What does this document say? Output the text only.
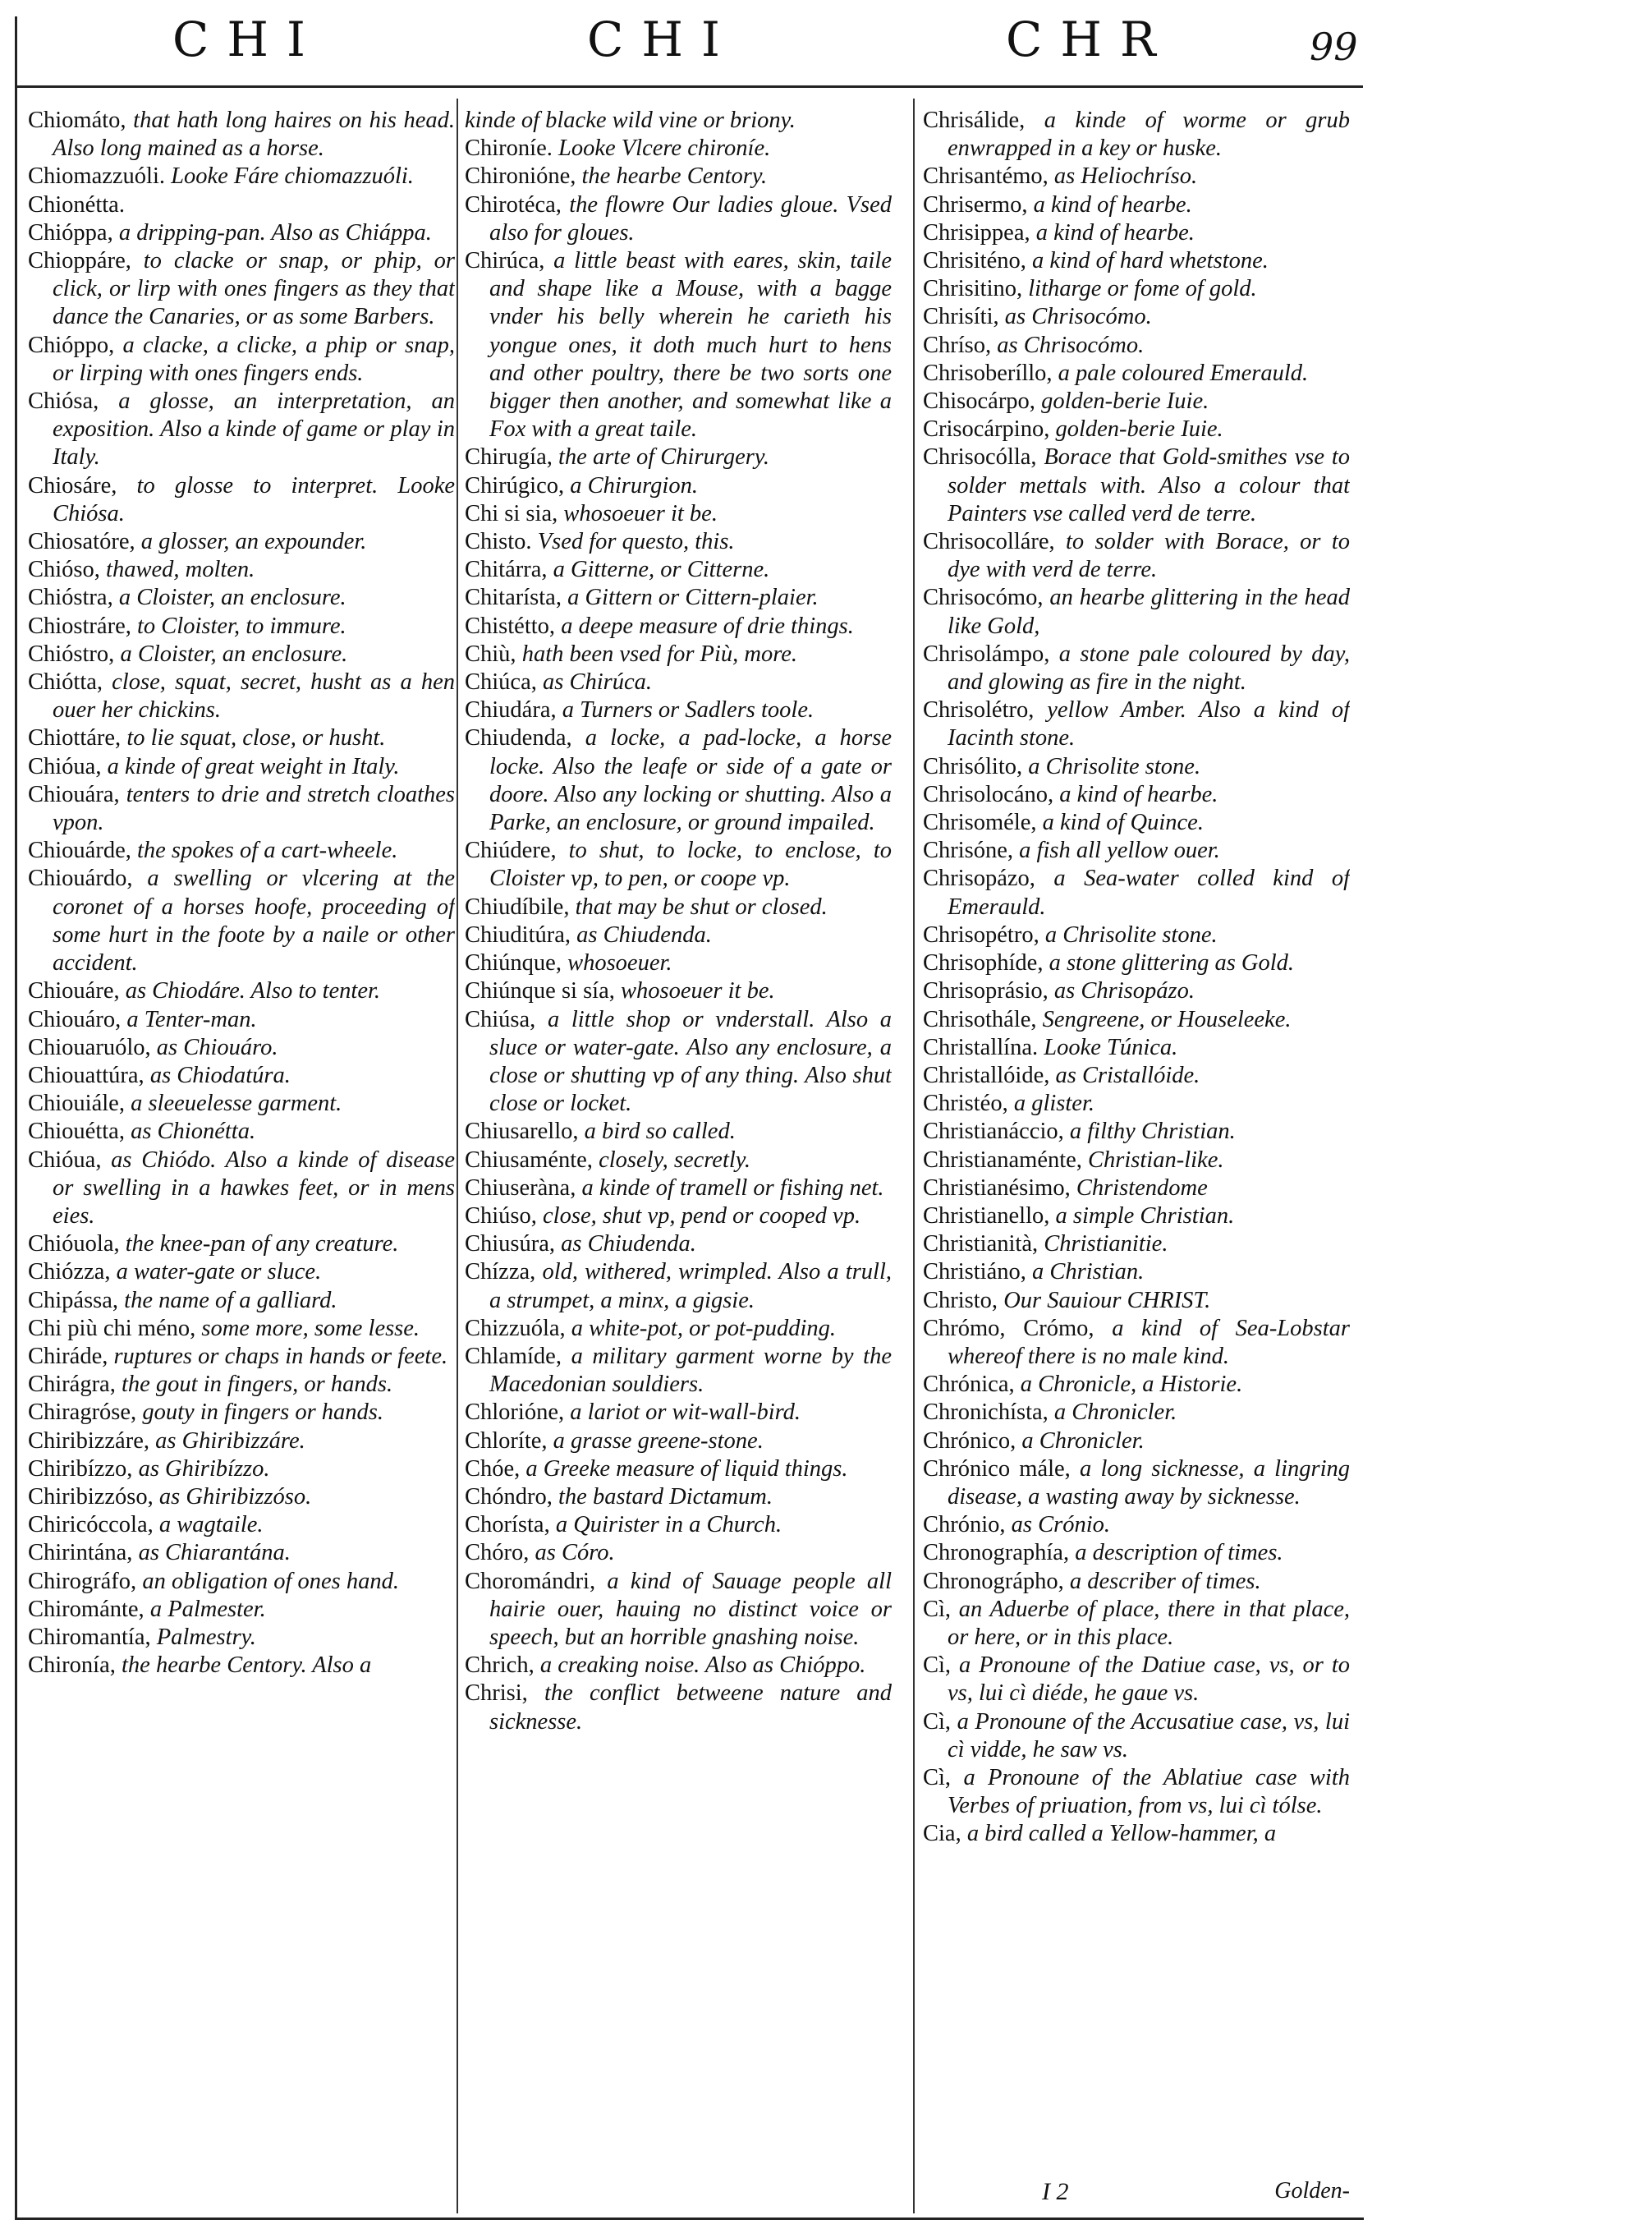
CHI	CHI	CHR	99

Chiomáto, that hath long haires on his head. Also long mained as a horse.

Chiomazzuóli. Looke Fáre chiomazzuóli.

Chionétta.

Chióppa, a dripping-pan. Also as Chiáppa.

Chioppáre, to clacke or snap, or phip, or click, or lirp with ones fingers as they that dance the Canaries, or as some Barbers.

Chióppo, a clacke, a clicke, a phip or snap, or lirping with ones fingers ends.

Chiósa, a glosse, an interpretation, an exposition. Also a kinde of game or play in Italy.

Chiosáre, to glosse to interpret. Looke Chiósa.

Chiosatóre, a glosser, an expounder.

Chióso, thawed, molten.

Chióstra, a Cloister, an enclosure.

Chiostráre, to Cloister, to immure.

Chióstro, a Cloister, an enclosure.

Chiótta, close, squat, secret, husht as a hen ouer her chickins.

Chiottáre, to lie squat, close, or husht.

Chióua, a kinde of great weight in Italy.

Chiouára, tenters to drie and stretch cloathes vpon.

Chiouárde, the spokes of a cart-wheele.

Chiouárdo, a swelling or vlcering at the coronet of a horses hoofe, proceeding of some hurt in the foote by a naile or other accident.

Chiouáre, as Chiodáre. Also to tenter.

Chiouáro, a Tenter-man.

Chiouaruólo, as Chiouáro.

Chiouattúra, as Chiodatúra.

Chiouiále, a sleeuelesse garment.

Chiouétta, as Chionétta.

Chióua, as Chiódo. Also a kinde of disease or swelling in a hawkes feet, or in mens eies.

Chióuola, the knee-pan of any creature.

Chiózza, a water-gate or sluce.

Chipássa, the name of a galliard.

Chi più chi méno, some more, some lesse.

Chiráde, ruptures or chaps in hands or feete.

Chirágra, the gout in fingers, or hands.

Chiragróse, gouty in fingers or hands.

Chiribizzáre, as Ghiribizzáre.

Chiribízzo, as Ghiribízzo.

Chiribizzóso, as Ghiribizzóso.

Chiricóccola, a wagtaile.

Chirintána, as Chiarantána.

Chirográfo, an obligation of ones hand.

Chirománte, a Palmester.

Chiromantía, Palmestry.

Chironía, the hearbe Centory. Also a

kinde of blacke wild vine or briony.

Chironíe. Looke Vlcere chironíe.

Chironióne, the hearbe Centory.

Chirotéca, the flowre Our ladies gloue. Vsed also for gloues.

Chirúca, a little beast with eares, skin, taile and shape like a Mouse, with a bagge vnder his belly wherein he carieth his yongue ones, it doth much hurt to hens and other poultry, there be two sorts one bigger then another, and somewhat like a Fox with a great taile.

Chirugía, the arte of Chirurgery.

Chirúgico, a Chirurgion.

Chi si sia, whosoeuer it be.

Chisto. Vsed for questo, this.

Chitárra, a Gitterne, or Citterne.

Chitarísta, a Gittern or Cittern-plaier.

Chistétto, a deepe measure of drie things.

Chiù, hath been vsed for Più, more.

Chiúca, as Chirúca.

Chiudára, a Turners or Sadlers toole.

Chiudenda, a locke, a pad-locke, a horse locke. Also the leafe or side of a gate or doore. Also any locking or shutting. Also a Parke, an enclosure, or ground impailed.

Chiúdere, to shut, to locke, to enclose, to Cloister vp, to pen, or coope vp.

Chiudíbile, that may be shut or closed.

Chiuditúra, as Chiudenda.

Chiúnque, whosoeuer.

Chiúnque si sía, whosoeuer it be.

Chiúsa, a little shop or vnderstall. Also a sluce or water-gate. Also any enclosure, a close or shutting vp of any thing. Also shut close or locket.

Chiusarello, a bird so called.

Chiusaménte, closely, secretly.

Chiuseràna, a kinde of tramell or fishing net.

Chiúso, close, shut vp, pend or cooped vp.

Chiusúra, as Chiudenda.

Chízza, old, withered, wrimpled. Also a trull, a strumpet, a minx, a gigsie.

Chizzuóla, a white-pot, or pot-pudding.

Chlamíde, a military garment worne by the Macedonian souldiers.

Chlorióne, a lariot or wit-wall-bird.

Chloríte, a grasse greene-stone.

Chóe, a Greeke measure of liquid things.

Chóndro, the bastard Dictamum.

Chorísta, a Quirister in a Church.

Chóro, as Córo.

Choromándri, a kind of Sauage people all hairie ouer, hauing no distinct voice or speech, but an horrible gnashing noise.

Chrich, a creaking noise. Also as Chióppo.

Chrisi, the conflict betweene nature and sicknesse.

Chrisálide, a kinde of worme or grub enwrapped in a key or huske.

Chrisantémo, as Heliochríso.

Chrisermo, a kind of hearbe.

Chrisippea, a kind of hearbe.

Chrisiténo, a kind of hard whetstone.

Chrisitino, litharge or fome of gold.

Chrisíti, as Chrisocómo.

Chríso, as Chrisocómo.

Chrisoberíllo, a pale coloured Emerauld.

Chisocárpo, golden-berie Iuie.

Crisocárpino, golden-berie Iuie.

Chrisocólla, Borace that Gold-smithes vse to solder mettals with. Also a colour that Painters vse called verd de terre.

Chrisocolláre, to solder with Borace, or to dye with verd de terre.

Chrisocómo, an hearbe glittering in the head like Gold,

Chrisolámpo, a stone pale coloured by day, and glowing as fire in the night.

Chrisolétro, yellow Amber. Also a kind of Iacinth stone.

Chrisólito, a Chrisolite stone.

Chrisolocáno, a kind of hearbe.

Chrisoméle, a kind of Quince.

Chrisóne, a fish all yellow ouer.

Chrisopázo, a Sea-water colled kind of Emerauld.

Chrisopétro, a Chrisolite stone.

Chrisophíde, a stone glittering as Gold.

Chrisoprásio, as Chrisopázo.

Chrisothále, Sengreene, or Houseleeke.

Christallína. Looke Túnica.

Christallóide, as Cristallóide.

Christéo, a glister.

Christianáccio, a filthy Christian.

Christianaménte, Christian-like.

Christianésimo, Christendome

Christianello, a simple Christian.

Christianità, Christianitie.

Christiáno, a Christian.

Christo, Our Sauiour CHRIST.

Chrómo, Crómo, a kind of Sea-Lobstar whereof there is no male kind.

Chrónica, a Chronicle, a Historie.

Chronichísta, a Chronicler.

Chrónico, a Chronicler.

Chrónico mále, a long sicknesse, a lingring disease, a wasting away by sicknesse.

Chrónio, as Crónio.

Chronographía, a description of times.

Chronográpho, a describer of times.

Cì, an Aduerbe of place, there in that place, or here, or in this place.

Cì, a Pronoune of the Datiue case, vs, or to vs, lui cì diéde, he gaue vs.

Cì, a Pronoune of the Accusatiue case, vs, lui cì vidde, he saw vs.

Cì, a Pronoune of the Ablatiue case with Verbes of priuation, from vs, lui cì tólse.

Cia, a bird called a Yellow-hammer, a

I 2	Golden-
